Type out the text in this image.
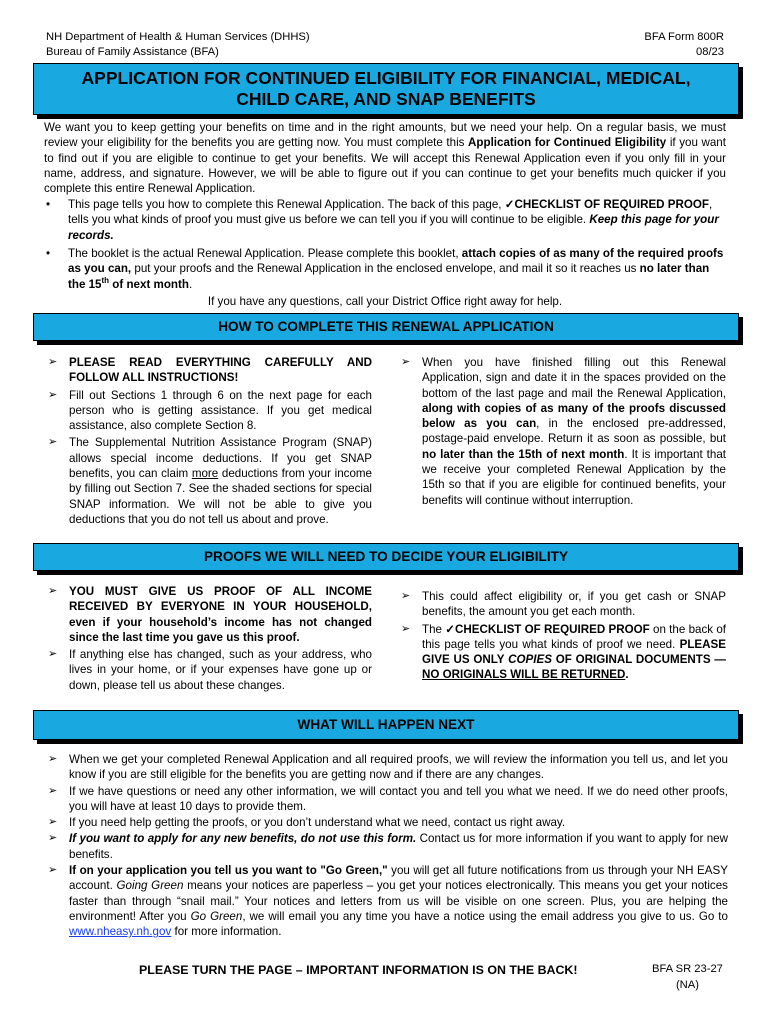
NH Department of Health & Human Services (DHHS)
Bureau of Family Assistance (BFA)
BFA Form 800R
08/23
APPLICATION FOR CONTINUED ELIGIBILITY FOR FINANCIAL, MEDICAL, CHILD CARE, AND SNAP BENEFITS

We want you to keep getting your benefits on time and in the right amounts, but we need your help. On a regular basis, we must review your eligibility for the benefits you are getting now. You must complete this Application for Continued Eligibility if you want to find out if you are eligible to continue to get your benefits. We will accept this Renewal Application even if you only fill in your name, address, and signature. However, we will be able to figure out if you can continue to get your benefits much quicker if you complete this entire Renewal Application.

• This page tells you how to complete this Renewal Application. The back of this page, ✓CHECKLIST OF REQUIRED PROOF, tells you what kinds of proof you must give us before we can tell you if you will continue to be eligible. Keep this page for your records.
• The booklet is the actual Renewal Application. Please complete this booklet, attach copies of as many of the required proofs as you can, put your proofs and the Renewal Application in the enclosed envelope, and mail it so it reaches us no later than the 15th of next month.
If you have any questions, call your District Office right away for help.
HOW TO COMPLETE THIS RENEWAL APPLICATION
➢ PLEASE READ EVERYTHING CAREFULLY AND FOLLOW ALL INSTRUCTIONS!
➢ Fill out Sections 1 through 6 on the next page for each person who is getting assistance. If you get medical assistance, also complete Section 8.
➢ The Supplemental Nutrition Assistance Program (SNAP) allows special income deductions. If you get SNAP benefits, you can claim more deductions from your income by filling out Section 7. See the shaded sections for special SNAP information. We will not be able to give you deductions that you do not tell us about and prove.
➢ When you have finished filling out this Renewal Application, sign and date it in the spaces provided on the bottom of the last page and mail the Renewal Application, along with copies of as many of the proofs discussed below as you can, in the enclosed pre-addressed, postage-paid envelope. Return it as soon as possible, but no later than the 15th of next month. It is important that we receive your completed Renewal Application by the 15th so that if you are eligible for continued benefits, your benefits will continue without interruption.
PROOFS WE WILL NEED TO DECIDE YOUR ELIGIBILITY
➢ YOU MUST GIVE US PROOF OF ALL INCOME RECEIVED BY EVERYONE IN YOUR HOUSEHOLD, even if your household’s income has not changed since the last time you gave us this proof.
➢ If anything else has changed, such as your address, who lives in your home, or if your expenses have gone up or down, please tell us about these changes.
➢ This could affect eligibility or, if you get cash or SNAP benefits, the amount you get each month.
➢ The ✓CHECKLIST OF REQUIRED PROOF on the back of this page tells you what kinds of proof we need. PLEASE GIVE US ONLY COPIES OF ORIGINAL DOCUMENTS — NO ORIGINALS WILL BE RETURNED.
WHAT WILL HAPPEN NEXT
➢ When we get your completed Renewal Application and all required proofs, we will review the information you tell us, and let you know if you are still eligible for the benefits you are getting now and if there are any changes.
➢ If we have questions or need any other information, we will contact you and tell you what we need. If we do need other proofs, you will have at least 10 days to provide them.
➢ If you need help getting the proofs, or you don’t understand what we need, contact us right away.
➢ If you want to apply for any new benefits, do not use this form. Contact us for more information if you want to apply for new benefits.
➢ If on your application you tell us you want to "Go Green," you will get all future notifications from us through your NH EASY account. Going Green means your notices are paperless – you get your notices electronically. This means you get your notices faster than through “snail mail.” Your notices and letters from us will be visible on one screen. Plus, you are helping the environment! After you Go Green, we will email you any time you have a notice using the email address you give to us. Go to www.nheasy.nh.gov for more information.
PLEASE TURN THE PAGE – IMPORTANT INFORMATION IS ON THE BACK!	BFA SR 23-27
(NA)
